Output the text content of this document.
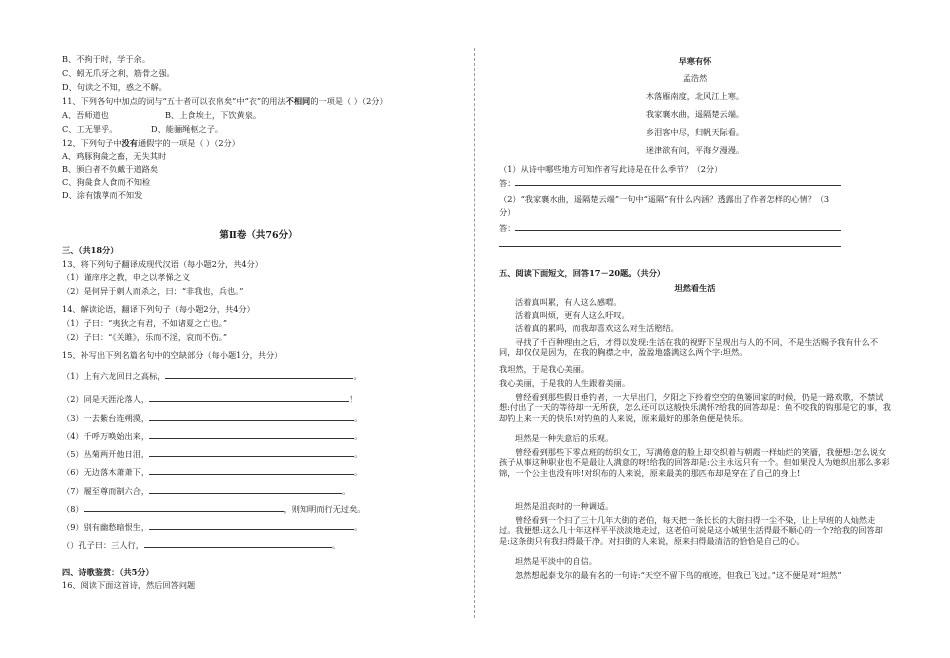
B、不拘于时，学于余。
C、蚓无爪牙之利，筋骨之强。
D、句读之不知，惑之不解。
11、下列各句中加点的词与“五十者可以衣帛矣”中“衣”的用法不相同的一项是（ ）（2分）
A、吾师道也	B、上食埃土，下饮黄泉。
C、工无罪乎。	D、能骊绳枢之子。
12、下列句子中没有通假字的一项是（ ）（2分）
A、鸡豚狗彘之畜，无失其时
B、颁白者不负戴于道路矣
C、狗彘食人食而不知检
D、涂有饿莩而不知发
第Ⅱ卷（共76分）
三、（共18分）
13、将下列句子翻译成现代汉语（每小题2分，共4分）
（1）谨庠序之教，申之以孝悌之义
（2）是何异于刺人而杀之，曰：“非我也，兵也。”
14、解读论语，翻译下列句子（每小题2分，共4分）
（1）子曰：“夷狄之有君，不如诸夏之亡也。”
（2）子曰：“《关雎》，乐而不淫，哀而不伤。”
15、补写出下列名篇名句中的空缺部分（每小题1分，共分）
（1）上有六龙回日之高标，	。
（2）同是天涯沦落人，	！
（3）一去紫台连朔漠，	。
（4）千呼万唤始出来，	。
（5）丛菊两开他日泪，	。
（6）无边落木萧萧下，	。
（7）履至尊而制六合，	。
（8）	，则知明而行无过矣。
（9）别有幽愁暗恨生，	。
（）孔子曰：三人行，	。
四、诗歌鉴赏：（共5分）
16、阅读下面这首诗，然后回答问题
早寒有怀
孟浩然
木落雁南度，北风江上寒。
我家襄水曲，遥隔楚云端。
乡泪客中尽，归帆天际看。
迷津欲有问，平海夕漫漫。
（1）从诗中哪些地方可知作者写此诗是在什么季节？（2分）
答：
（2）“我家襄水曲，遥隔楚云端”一句中“遥隔”有什么内涵？透露出了作者怎样的心情？（3
分）
答：
五、阅读下面短文，回答17－20题。（共分）
坦然看生活
活着真叫累，有人这么感喟。
活着真叫烦，更有人这么吁叹。
活着真的累吗，而我却喜欢这么对生活赔结。
寻找了千百种理由之后，才得以发现:生活在我的视野下呈现出与人的不同，不是生活赐予我有什么不同，却仅仅是因为，在我的胸襟之中，盈盈地盛满这么两个字:坦然。
我坦然，于是我心美丽。
我心美丽，于是我的人生跟着美丽。
曾经看到那些假日垂钓者，一大早出门，夕阳之下拎着空空的鱼篓回家的时候，仍是一路欢歌，不禁试想:付出了一天的等待却一无所获，怎么还可以这般快乐满怀?给我的回答却是：鱼不咬我的钩那是它的事，我却钓上来一天的快乐!对钓鱼的人来说，原来最好的那条鱼便是快乐。
坦然是一种失意后的乐观。
曾经看到那些下零点班的纺织女工，写满倦意的脸上却交织着与朝霞一样灿烂的笑靥，我便想:怎么说女孩子从事这种职业也不是最让人满意的呀!给我的回答却是:公主永远只有一个。但如果没人为她织出那么多彩锦，一个公主也没有咔!对织布的人来说，原来最美的那匹布却是穿在了自己的身上!
坦然是沮丧时的一种调适。
曾经看到一个扫了三十几年大街的老伯，每天把一条长长的大街扫得一尘不染，让上早班的人灿然走过。我便想:这么几十年这样平平淡淡地走过，这老伯可说是这小城里生活得最不顺心的一个?给我的回答却是:这条街只有我扫得最干净。对扫街的人来说，原来扫得最清洁的恰恰是自己的心。
坦然是平淡中的自信。
忽然想起泰戈尔的最有名的一句诗:“天空不留下鸟的痕迹，但我已飞过。”这不便是对“坦然”
